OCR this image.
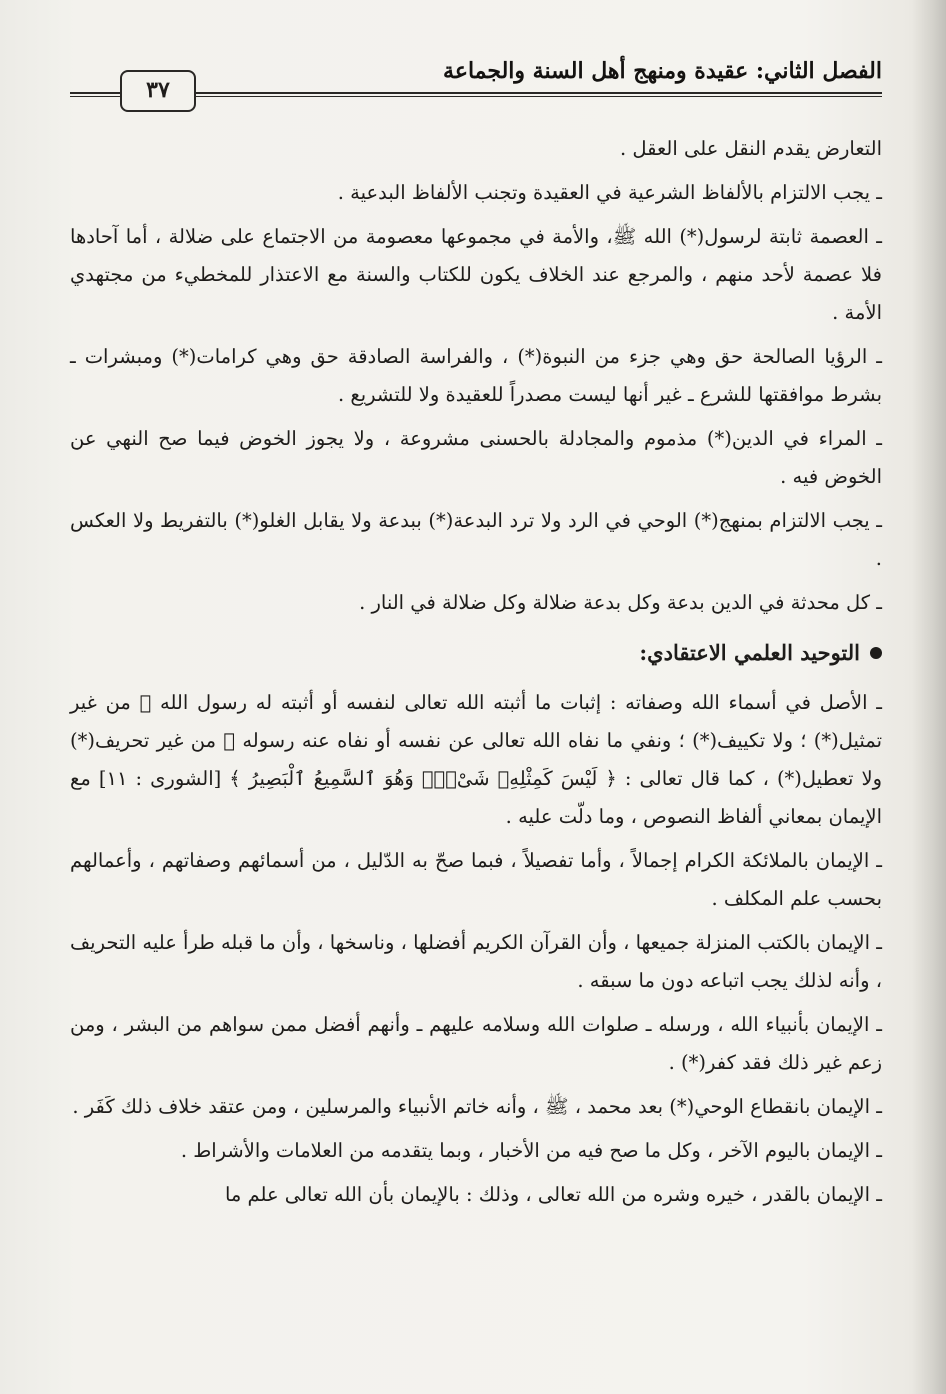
الفصل الثاني: عقيدة ومنهج أهل السنة والجماعة
٣٧

التعارض يقدم النقل على العقل .

ـ يجب الالتزام بالألفاظ الشرعية في العقيدة وتجنب الألفاظ البدعية .

ـ العصمة ثابتة لرسول(*) الله ﷺ، والأمة في مجموعها معصومة من الاجتماع على ضلالة ، أما آحادها فلا عصمة لأحد منهم ، والمرجع عند الخلاف يكون للكتاب والسنة مع الاعتذار للمخطيء من مجتهدي الأمة .

ـ الرؤيا الصالحة حق وهي جزء من النبوة(*) ، والفراسة الصادقة حق وهي كرامات(*) ومبشرات ـ بشرط موافقتها للشرع ـ غير أنها ليست مصدراً للعقيدة ولا للتشريع .

ـ المراء في الدين(*) مذموم والمجادلة بالحسنى مشروعة ، ولا يجوز الخوض فيما صح النهي عن الخوض فيه .

ـ يجب الالتزام بمنهج(*) الوحي في الرد ولا ترد البدعة(*) ببدعة ولا يقابل الغلو(*) بالتفريط ولا العكس .

ـ كل محدثة في الدين بدعة وكل بدعة ضلالة وكل ضلالة في النار .

التوحيد العلمي الاعتقادي:

ـ الأصل في أسماء الله وصفاته : إثبات ما أثبته الله تعالى لنفسه أو أثبته له رسول الله ﷺ من غير تمثيل(*) ؛ ولا تكييف(*) ؛ ونفي ما نفاه الله تعالى عن نفسه أو نفاه عنه رسوله ﷺ من غير تحريف(*) ولا تعطيل(*) ، كما قال تعالى : ﴿ لَيْسَ كَمِثْلِهِۦ شَىْءٌۖ وَهُوَ ٱلسَّمِيعُ ٱلْبَصِيرُ ﴾ [الشورى : ١١] مع الإيمان بمعاني ألفاظ النصوص ، وما دلّت عليه .

ـ الإيمان بالملائكة الكرام إجمالاً ، وأما تفصيلاً ، فبما صحّ به الدّليل ، من أسمائهم وصفاتهم ، وأعمالهم بحسب علم المكلف .

ـ الإيمان بالكتب المنزلة جميعها ، وأن القرآن الكريم أفضلها ، وناسخها ، وأن ما قبله طرأ عليه التحريف ، وأنه لذلك يجب اتباعه دون ما سبقه .

ـ الإيمان بأنبياء الله ، ورسله ـ صلوات الله وسلامه عليهم ـ وأنهم أفضل ممن سواهم من البشر ، ومن زعم غير ذلك فقد كفر(*) .

ـ الإيمان بانقطاع الوحي(*) بعد محمد ، ﷺ ، وأنه خاتم الأنبياء والمرسلين ، ومن عتقد خلاف ذلك كَفَر .

ـ الإيمان باليوم الآخر ، وكل ما صح فيه من الأخبار ، وبما يتقدمه من العلامات والأشراط .

ـ الإيمان بالقدر ، خيره وشره من الله تعالى ، وذلك : بالإيمان بأن الله تعالى علم ما
